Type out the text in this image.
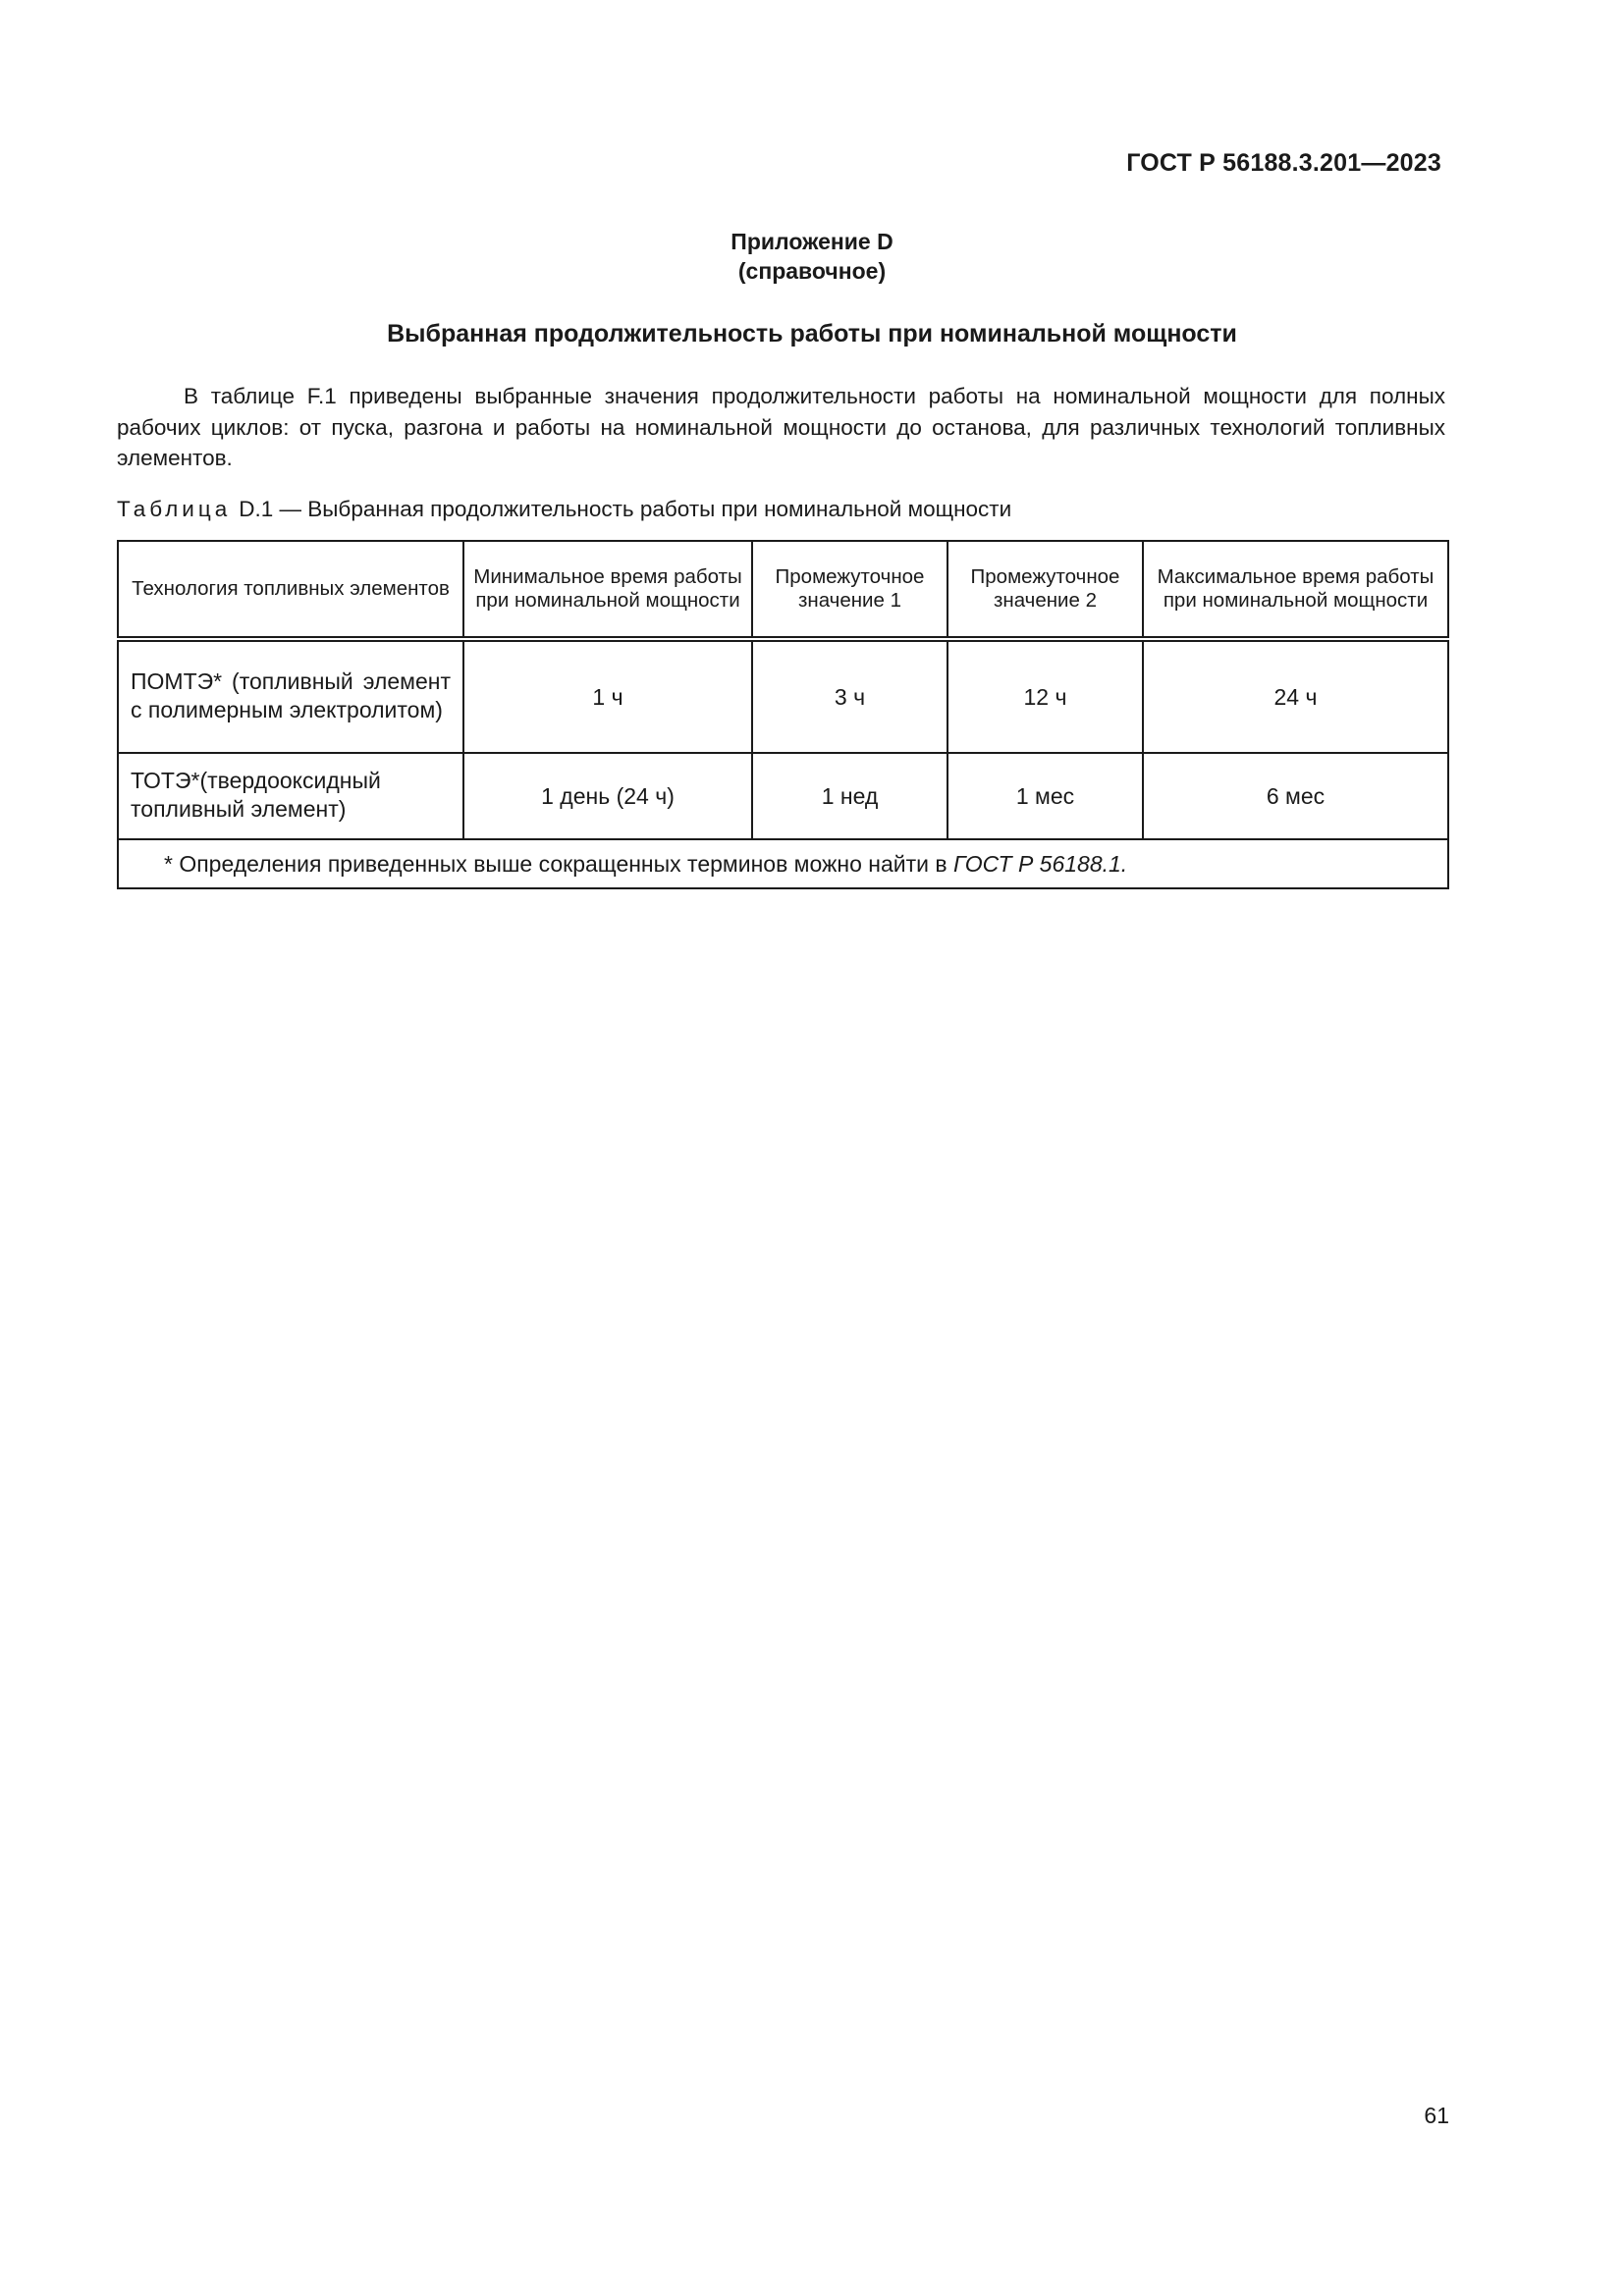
ГОСТ Р 56188.3.201—2023
Приложение D
(справочное)
Выбранная продолжительность работы при номинальной мощности

В таблице F.1 приведены выбранные значения продолжительности работы на номинальной мощности для полных рабочих циклов: от пуска, разгона и работы на номинальной мощности до останова, для различных технологий топливных элементов.

Таблица D.1 — Выбранная продолжительность работы при номинальной мощности
Технология топливных элементов	Минимальное время работы при номинальной мощности	Промежуточное значение 1	Промежуточное значение 2	Максимальное время работы при номинальной мощности
ПОМТЭ* (топливный элемент с полимерным электролитом)	1 ч	3 ч	12 ч	24 ч
ТОТЭ*(твердооксидный топливный элемент)	1 день (24 ч)	1 нед	1 мес	6 мес
* Определения приведенных выше сокращенных терминов можно найти в ГОСТ Р 56188.1.				
61
